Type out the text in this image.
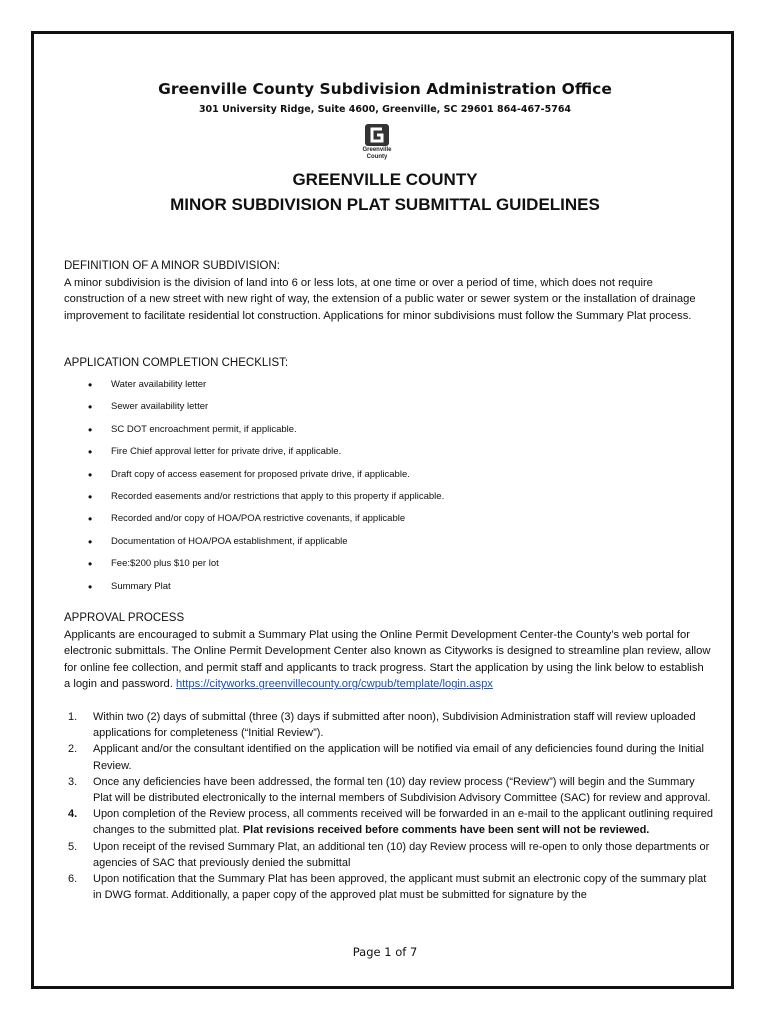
Greenville County Subdivision Administration Office
301 University Ridge, Suite 4600, Greenville, SC 29601 864-467-5764
Greenville
County
GREENVILLE COUNTY
MINOR SUBDIVISION PLAT SUBMITTAL GUIDELINES
DEFINITION OF A MINOR SUBDIVISION:
A minor subdivision is the division of land into 6 or less lots, at one time or over a period of time, which does not require construction of a new street with new right of way, the extension of a public water or sewer system or the installation of drainage improvement to facilitate residential lot construction. Applications for minor subdivisions must follow the Summary Plat process.
APPLICATION COMPLETION CHECKLIST:
• Water availability letter
• Sewer availability letter
• SC DOT encroachment permit, if applicable.
• Fire Chief approval letter for private drive, if applicable.
• Draft copy of access easement for proposed private drive, if applicable.
• Recorded easements and/or restrictions that apply to this property if applicable.
• Recorded and/or copy of HOA/POA restrictive covenants, if applicable
• Documentation of HOA/POA establishment, if applicable
• Fee:$200 plus $10 per lot
• Summary Plat
APPROVAL PROCESS
Applicants are encouraged to submit a Summary Plat using the Online Permit Development Center-the County’s web portal for electronic submittals. The Online Permit Development Center also known as Cityworks is designed to streamline plan review, allow for online fee collection, and permit staff and applicants to track progress. Start the application by using the link below to establish a login and password. https://cityworks.greenvillecounty.org/cwpub/template/login.aspx
1. Within two (2) days of submittal (three (3) days if submitted after noon), Subdivision Administration staff will review uploaded applications for completeness (“Initial Review”).
2. Applicant and/or the consultant identified on the application will be notified via email of any deficiencies found during the Initial Review.
3. Once any deficiencies have been addressed, the formal ten (10) day review process (“Review”) will begin and the Summary Plat will be distributed electronically to the internal members of Subdivision Advisory Committee (SAC) for review and approval.
4. Upon completion of the Review process, all comments received will be forwarded in an e-mail to the applicant outlining required changes to the submitted plat. Plat revisions received before comments have been sent will not be reviewed.
5. Upon receipt of the revised Summary Plat, an additional ten (10) day Review process will re-open to only those departments or agencies of SAC that previously denied the submittal
6. Upon notification that the Summary Plat has been approved, the applicant must submit an electronic copy of the summary plat in DWG format. Additionally, a paper copy of the approved plat must be submitted for signature by the
Page 1 of 7
